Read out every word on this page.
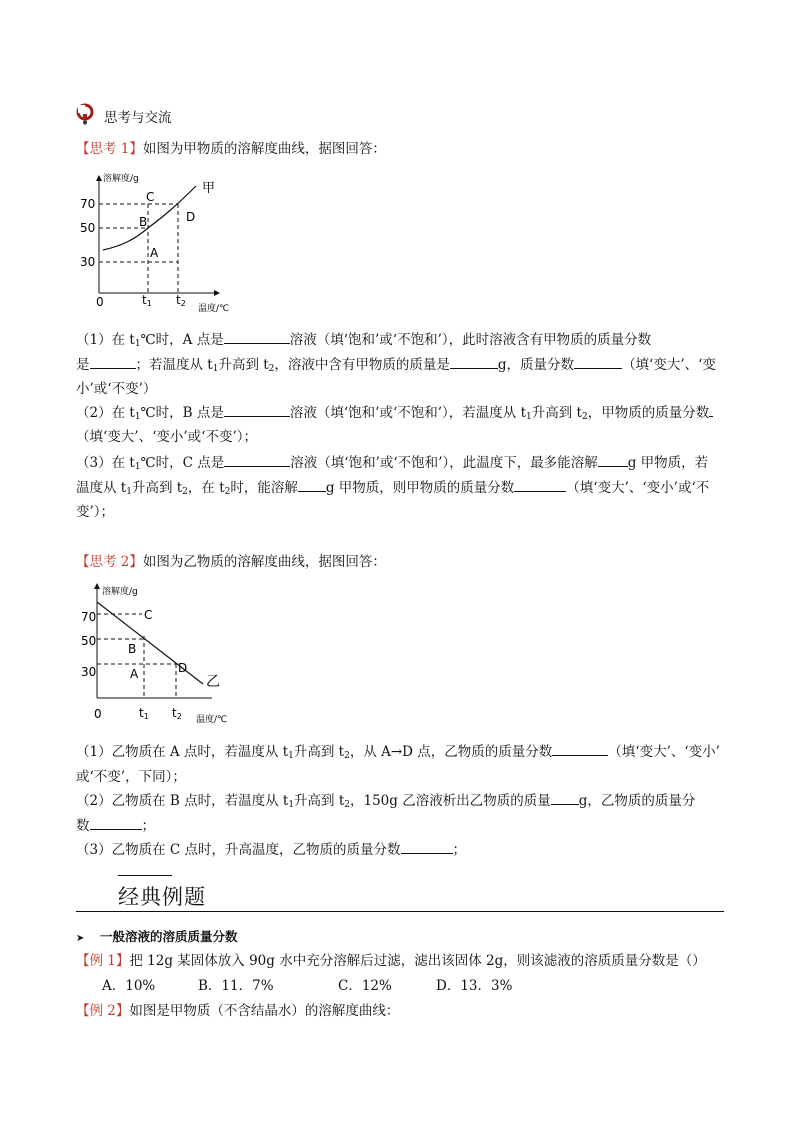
思考与交流
【思考 1】如图为甲物质的溶解度曲线，据图回答：
溶解度/g
温度/℃
70
50
30
0	t1 t2
甲
C
B
A
D
（1）在 $t_1℃$时，A 点是	溶液（填‘饱和’或‘不饱和’），此时溶液含有甲物质的质量分数
是	；若温度从 $t_1$升高到 $t_2$，溶液中含有甲物质的质量是	g，质量分数	（填‘变大’、‘变
小’或‘不变’）
（2）在 $t_1℃$时，B 点是	溶液（填‘饱和’或‘不饱和’），若温度从 $t_1$升高到 $t_2$，甲物质的质量分数
（填‘变大’、‘变小’或‘不变’）；
（3）在 $t_1℃$时，C 点是	溶液（填‘饱和’或‘不饱和’），此温度下，最多能溶解 g 甲物质，若
温度从 $t_1$升高到 $t_2$，在 $t_2$时，能溶解 g 甲物质，则甲物质的质量分数	（填‘变大’、‘变小’或‘不
变’）；
【思考 2】如图为乙物质的溶解度曲线，据图回答：
溶解度/g
温度/℃
70
50
30
0	t1 t2
乙
C
B
A	D
（1）乙物质在 A 点时，若温度从 $t_1$升高到 $t_2$，从 A→D 点，乙物质的质量分数	（填‘变大’、‘变小’
或‘不变’，下同）；
（2）乙物质在 B 点时，若温度从 $t_1$升高到 $t_2$，150g 乙溶液析出乙物质的质量 g，乙物质的质量分
数	；
（3）乙物质在 C 点时，升高温度，乙物质的质量分数	；
经典例题
➤ 一般溶液的溶质质量分数
【例 1】把 12g 某固体放入 90g 水中充分溶解后过滤，滤出该固体 2g，则该滤液的溶质质量分数是（）
A．10%	B．11．7%	C．12%	D．13．3%
【例 2】如图是甲物质（不含结晶水）的溶解度曲线：
